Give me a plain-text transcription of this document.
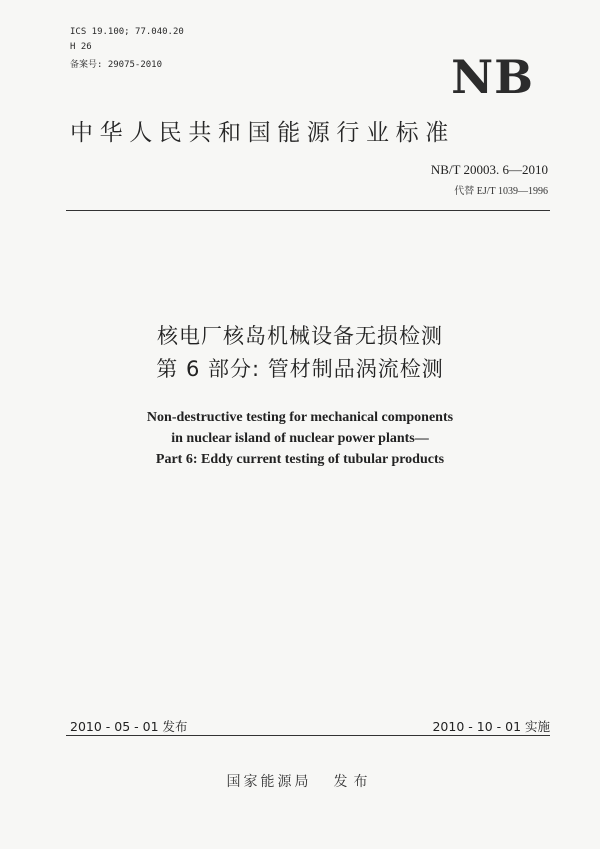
ICS 19.100; 77.040.20
H 26
备案号: 29075-2010	NB
中华人民共和国能源行业标准
NB/T 20003. 6—2010
代替 EJ/T 1039—1996
核电厂核岛机械设备无损检测
第 6 部分: 管材制品涡流检测
Non-destructive testing for mechanical components
in nuclear island of nuclear power plants—
Part 6: Eddy current testing of tubular products
2010 - 05 - 01 发布	2010 - 10 - 01 实施
国家能源局 发布
